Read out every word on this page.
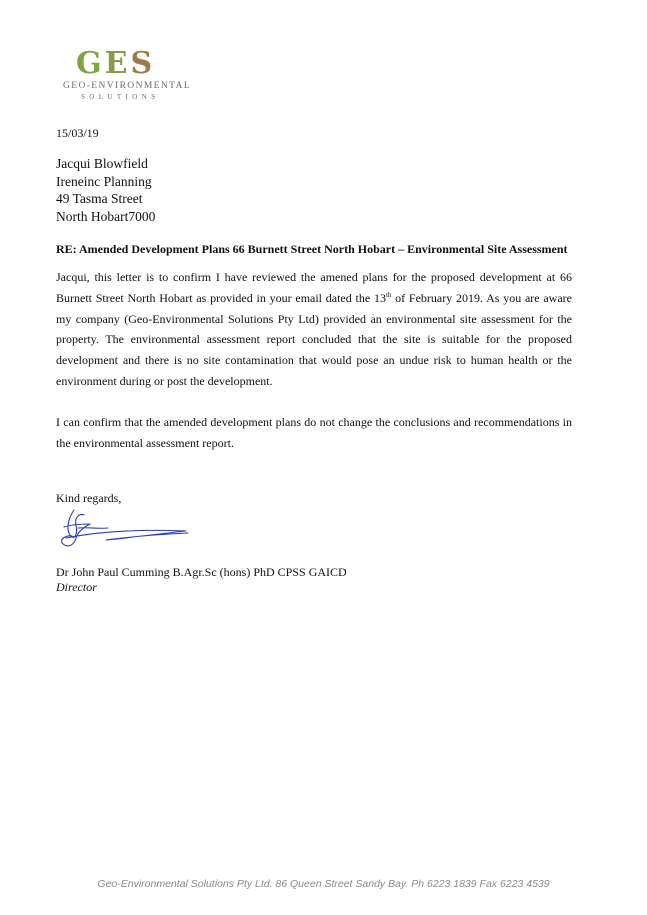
G E S
GEO-ENVIRONMENTAL
SOLUTIONS
15/03/19
Jacqui Blowfield
Ireneinc Planning
49 Tasma Street
North Hobart7000
RE: Amended Development Plans 66 Burnett Street North Hobart – Environmental Site Assessment

Jacqui, this letter is to confirm I have reviewed the amened plans for the proposed development at 66 Burnett Street North Hobart as provided in your email dated the 13th of February 2019. As you are aware my company (Geo-Environmental Solutions Pty Ltd) provided an environmental site assessment for the property. The environmental assessment report concluded that the site is suitable for the proposed development and there is no site contamination that would pose an undue risk to human health or the environment during or post the development.

I can confirm that the amended development plans do not change the conclusions and recommendations in the environmental assessment report.

Kind regards,
Dr John Paul Cumming B.Agr.Sc (hons) PhD CPSS GAICD
Director
Geo-Environmental Solutions Pty Ltd. 86 Queen Street Sandy Bay. Ph 6223 1839 Fax 6223 4539
